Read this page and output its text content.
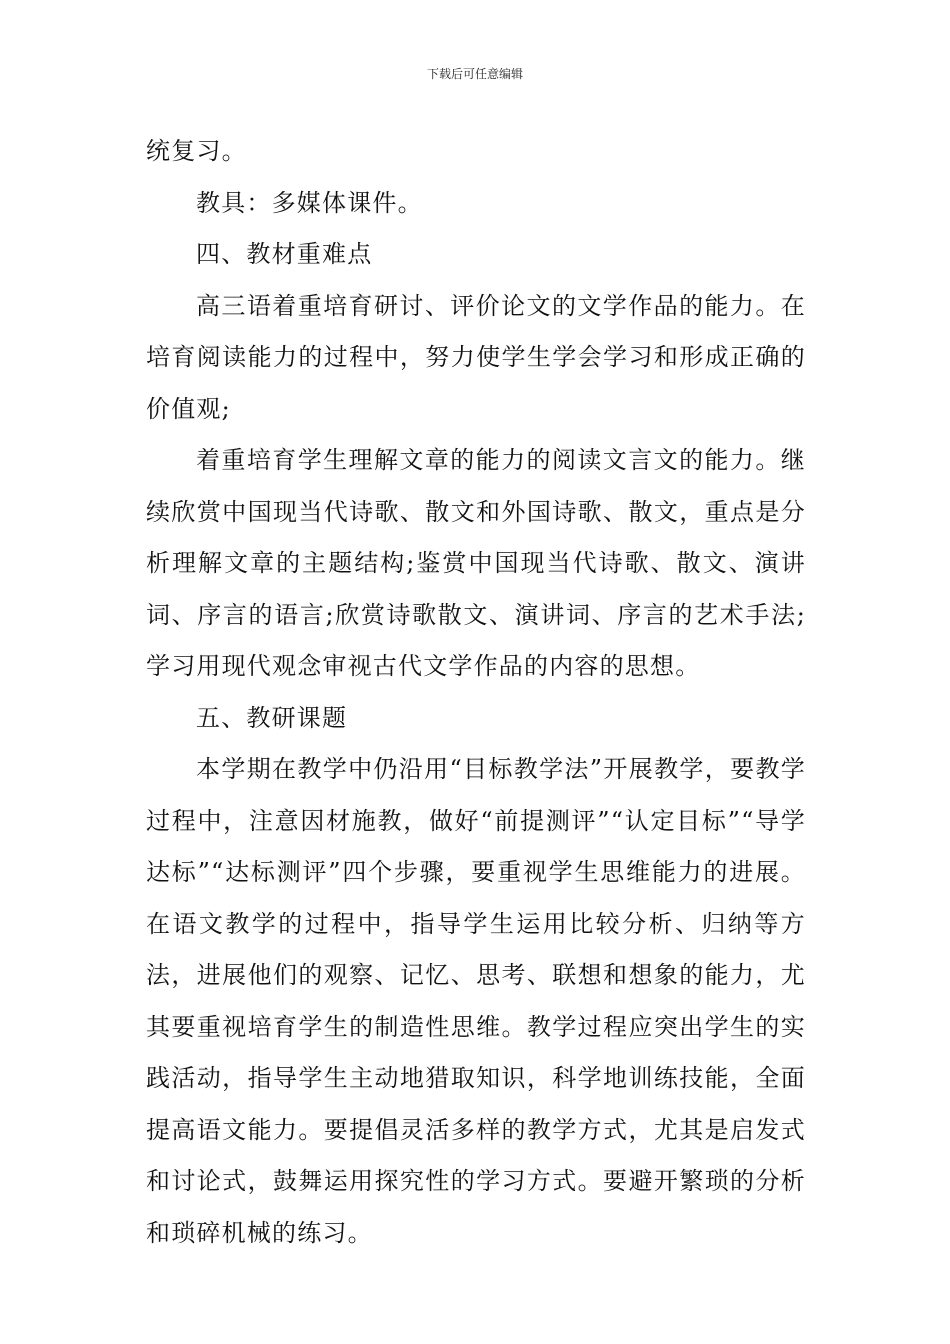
下载后可任意编辑

统复习。

教具：多媒体课件。

四、教材重难点

高三语着重培育研讨、评价论文的文学作品的能力。在培育阅读能力的过程中，努力使学生学会学习和形成正确的价值观;

着重培育学生理解文章的能力的阅读文言文的能力。继续欣赏中国现当代诗歌、散文和外国诗歌、散文，重点是分析理解文章的主题结构;鉴赏中国现当代诗歌、散文、演讲词、序言的语言;欣赏诗歌散文、演讲词、序言的艺术手法;学习用现代观念审视古代文学作品的内容的思想。

五、教研课题

本学期在教学中仍沿用“目标教学法”开展教学，要教学过程中，注意因材施教，做好“前提测评”“认定目标”“导学达标”“达标测评”四个步骤，要重视学生思维能力的进展。在语文教学的过程中，指导学生运用比较分析、归纳等方法，进展他们的观察、记忆、思考、联想和想象的能力，尤其要重视培育学生的制造性思维。教学过程应突出学生的实践活动，指导学生主动地猎取知识，科学地训练技能，全面提高语文能力。要提倡灵活多样的教学方式，尤其是启发式和讨论式，鼓舞运用探究性的学习方式。要避开繁琐的分析和琐碎机械的练习。
